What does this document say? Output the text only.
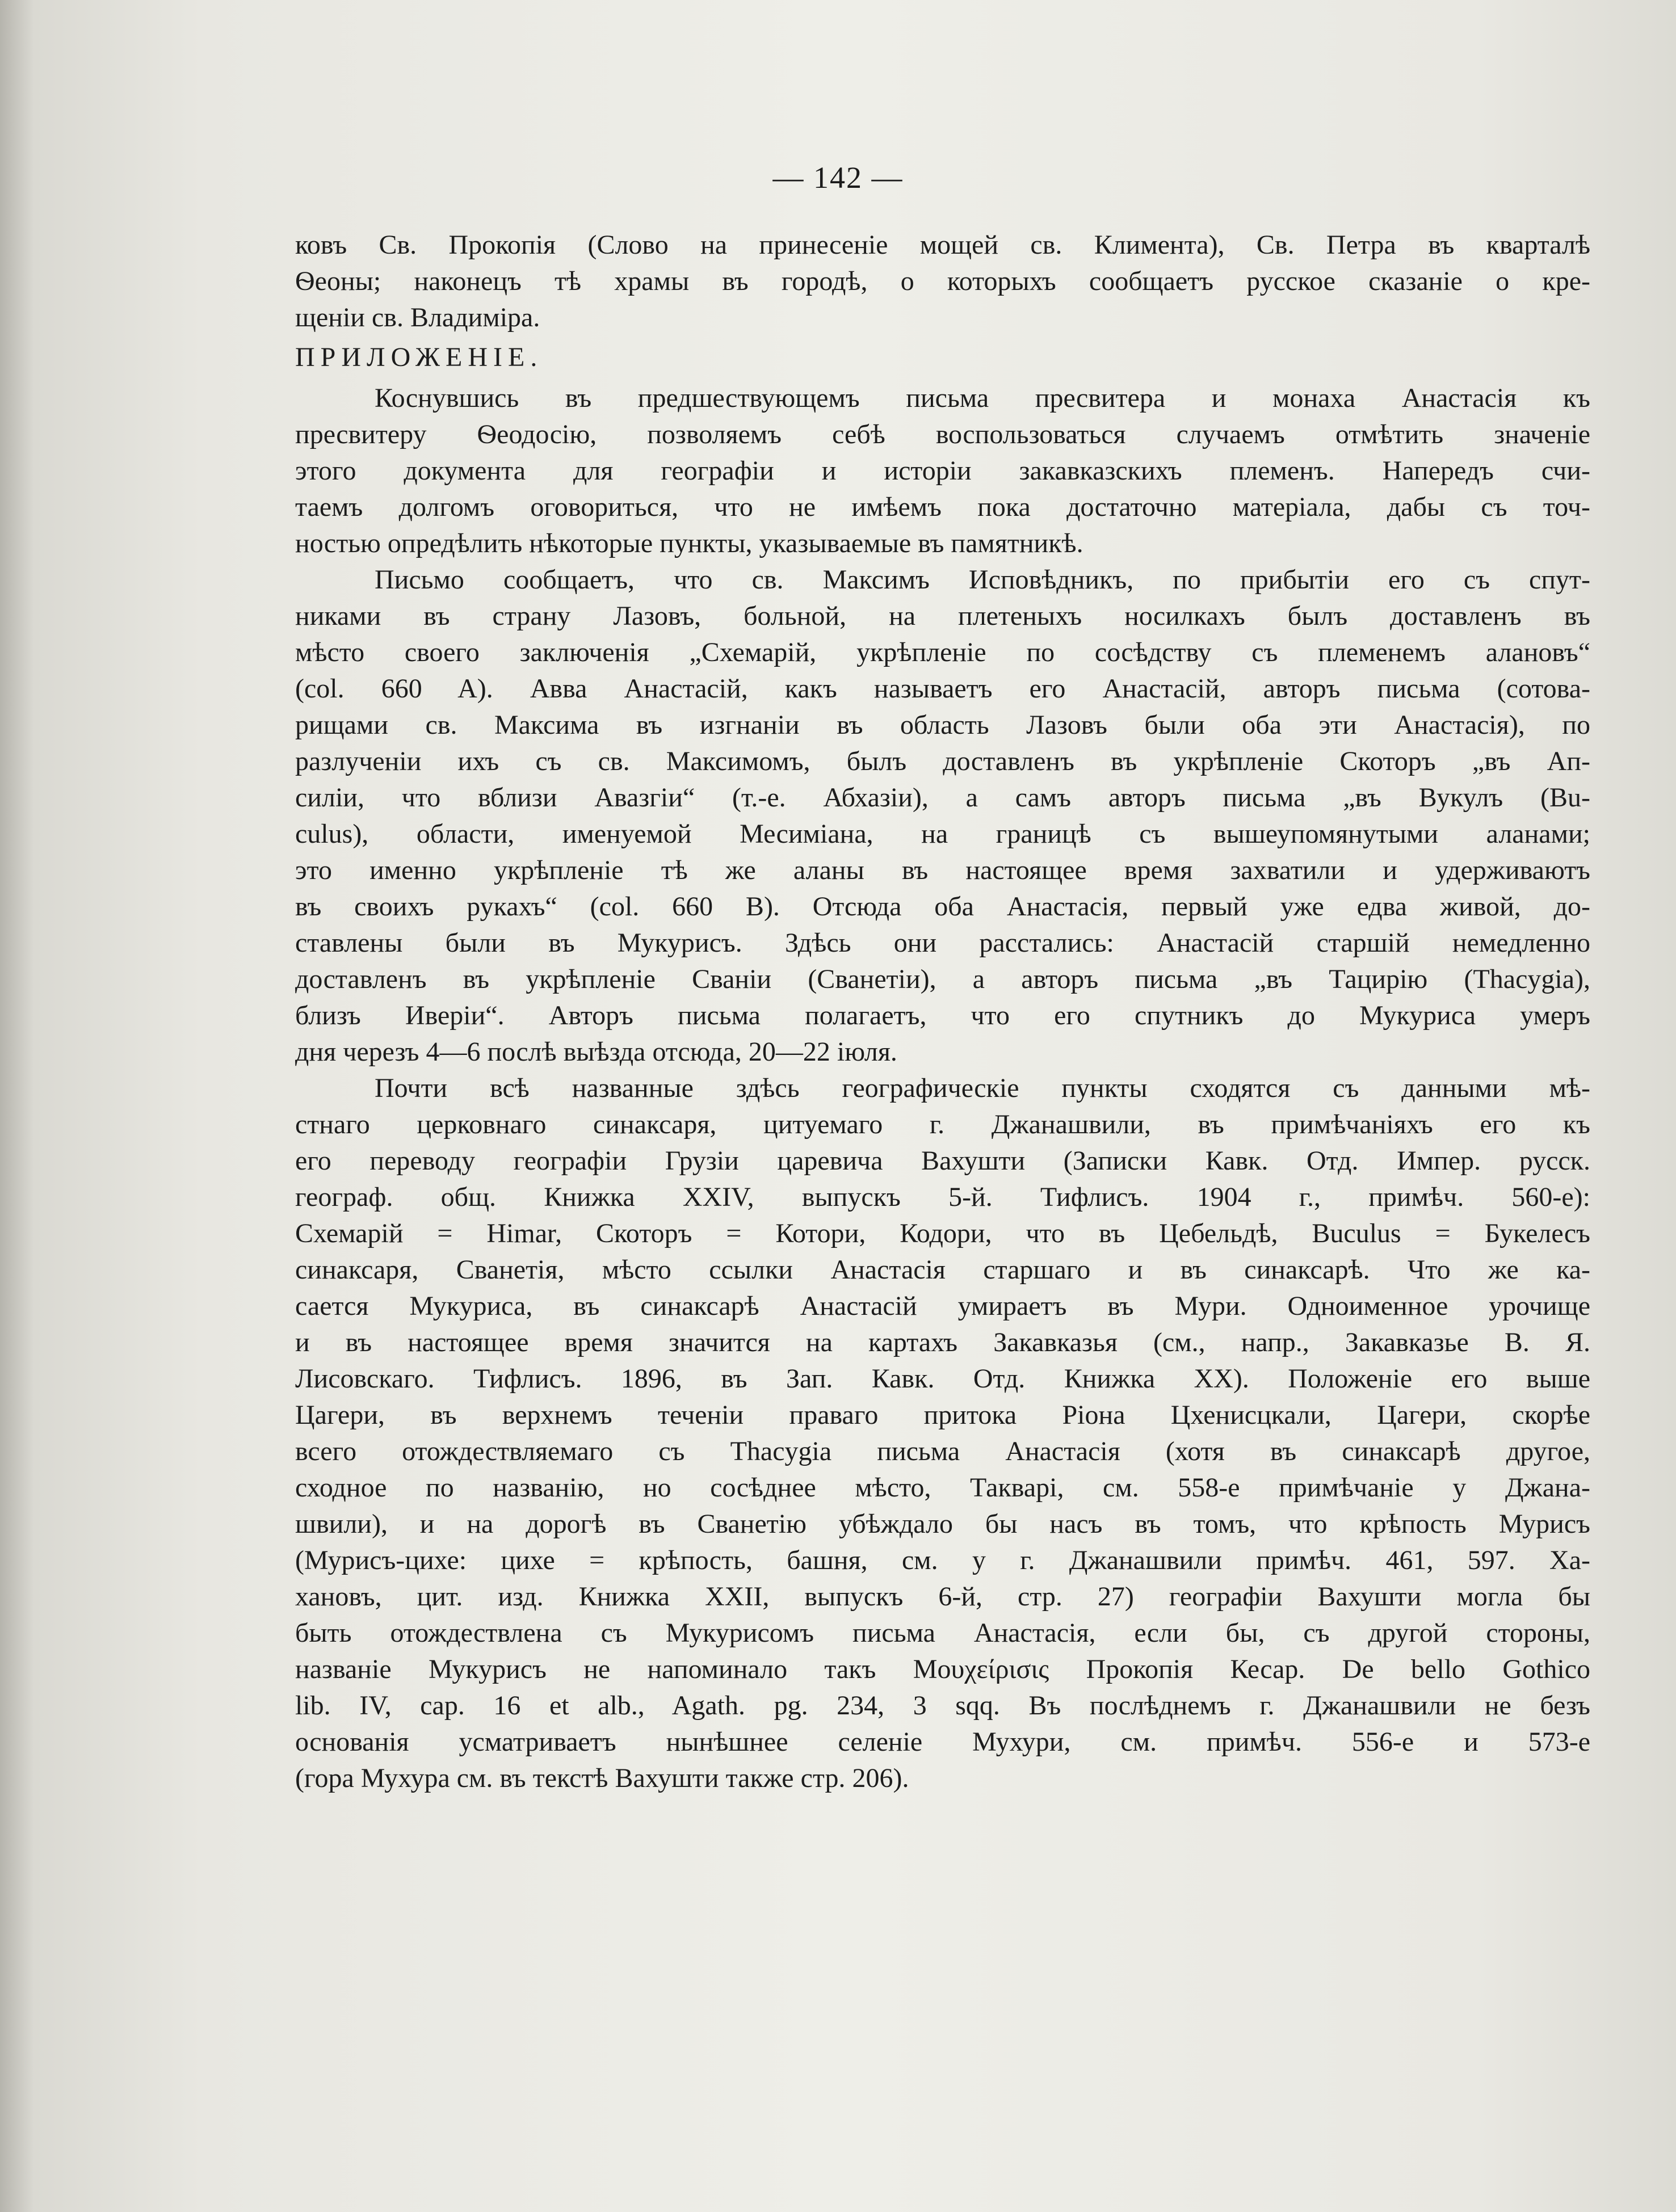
— 142 —
ковъ Св. Прокопія (Слово на принесеніе мощей св. Климента), Св. Петра въ кварталѣ
Ѳеоны; наконецъ тѣ храмы въ городѣ, о которыхъ сообщаетъ русское сказаніе о кре-
щеніи св. Владиміра.
ПРИЛОЖЕНІЕ.
Коснувшись въ предшествующемъ письма пресвитера и монаха Анастасія къ
пресвитеру Ѳеодосію, позволяемъ себѣ воспользоваться случаемъ отмѣтить значеніе
этого документа для географіи и исторіи закавказскихъ племенъ. Напередъ счи-
таемъ долгомъ оговориться, что не имѣемъ пока достаточно матеріала, дабы съ точ-
ностью опредѣлить нѣкоторые пункты, указываемые въ памятникѣ.
Письмо сообщаетъ, что св. Максимъ Исповѣдникъ, по прибытіи его съ спут-
никами въ страну Лазовъ, больной, на плетеныхъ носилкахъ былъ доставленъ въ
мѣсто своего заключенія „Схемарій, укрѣпленіе по сосѣдству съ племенемъ алановъ“
(col. 660 A). Авва Анастасій, какъ называетъ его Анастасій, авторъ письма (сотова-
рищами св. Максима въ изгнаніи въ область Лазовъ были оба эти Анастасія), по
разлученіи ихъ съ св. Максимомъ, былъ доставленъ въ укрѣпленіе Скоторъ „въ Ап-
силіи, что вблизи Авазгіи“ (т.-е. Абхазіи), а самъ авторъ письма „въ Вукулъ (Bu-
culus), области, именуемой Месиміана, на границѣ съ вышеупомянутыми аланами;
это именно укрѣпленіе тѣ же аланы въ настоящее время захватили и удерживаютъ
въ своихъ рукахъ“ (col. 660 B). Отсюда оба Анастасія, первый уже едва живой, до-
ставлены были въ Мукурисъ. Здѣсь они расстались: Анастасій старшій немедленно
доставленъ въ укрѣпленіе Сваніи (Сванетіи), а авторъ письма „въ Тацирію (Thacygia),
близъ Иверіи“. Авторъ письма полагаетъ, что его спутникъ до Мукуриса умеръ
дня черезъ 4—6 послѣ выѣзда отсюда, 20—22 іюля.
Почти всѣ названные здѣсь географическіе пункты сходятся съ данными мѣ-
стнаго церковнаго синаксаря, цитуемаго г. Джанашвили, въ примѣчаніяхъ его къ
его переводу географіи Грузіи царевича Вахушти (Записки Кавк. Отд. Импер. русск.
географ. общ. Книжка XXIV, выпускъ 5-й. Тифлисъ. 1904 г., примѣч. 560-е):
Схемарій = Himar, Скоторъ = Котори, Кодори, что въ Цебельдѣ, Buculus = Букелесъ
синаксаря, Сванетія, мѣсто ссылки Анастасія старшаго и въ синаксарѣ. Что же ка-
сается Мукуриса, въ синаксарѣ Анастасій умираетъ въ Мури. Одноименное урочище
и въ настоящее время значится на картахъ Закавказья (см., напр., Закавказье В. Я.
Лисовскаго. Тифлисъ. 1896, въ Зап. Кавк. Отд. Книжка XX). Положеніе его выше
Цагери, въ верхнемъ теченіи праваго притока Ріона Цхенисцкали, Цагери, скорѣе
всего отождествляемаго съ Thacygia письма Анастасія (хотя въ синаксарѣ другое,
сходное по названію, но сосѣднее мѣсто, Такварі, см. 558-е примѣчаніе у Джана-
швили), и на дорогѣ въ Сванетію убѣждало бы насъ въ томъ, что крѣпость Мурисъ
(Мурисъ-цихе: цихе = крѣпость, башня, см. у г. Джанашвили примѣч. 461, 597. Ха-
хановъ, цит. изд. Книжка XXII, выпускъ 6-й, стр. 27) географіи Вахушти могла бы
быть отождествлена съ Мукурисомъ письма Анастасія, если бы, съ другой стороны,
названіе Мукурисъ не напоминало такъ Μουχείρισις Прокопія Кесар. De bello Gothico
lib. IV, cap. 16 et alb., Agath. pg. 234, 3 sqq. Въ послѣднемъ г. Джанашвили не безъ
основанія усматриваетъ нынѣшнее селеніе Мухури, см. примѣч. 556-е и 573-е
(гора Мухура см. въ текстѣ Вахушти также стр. 206).
